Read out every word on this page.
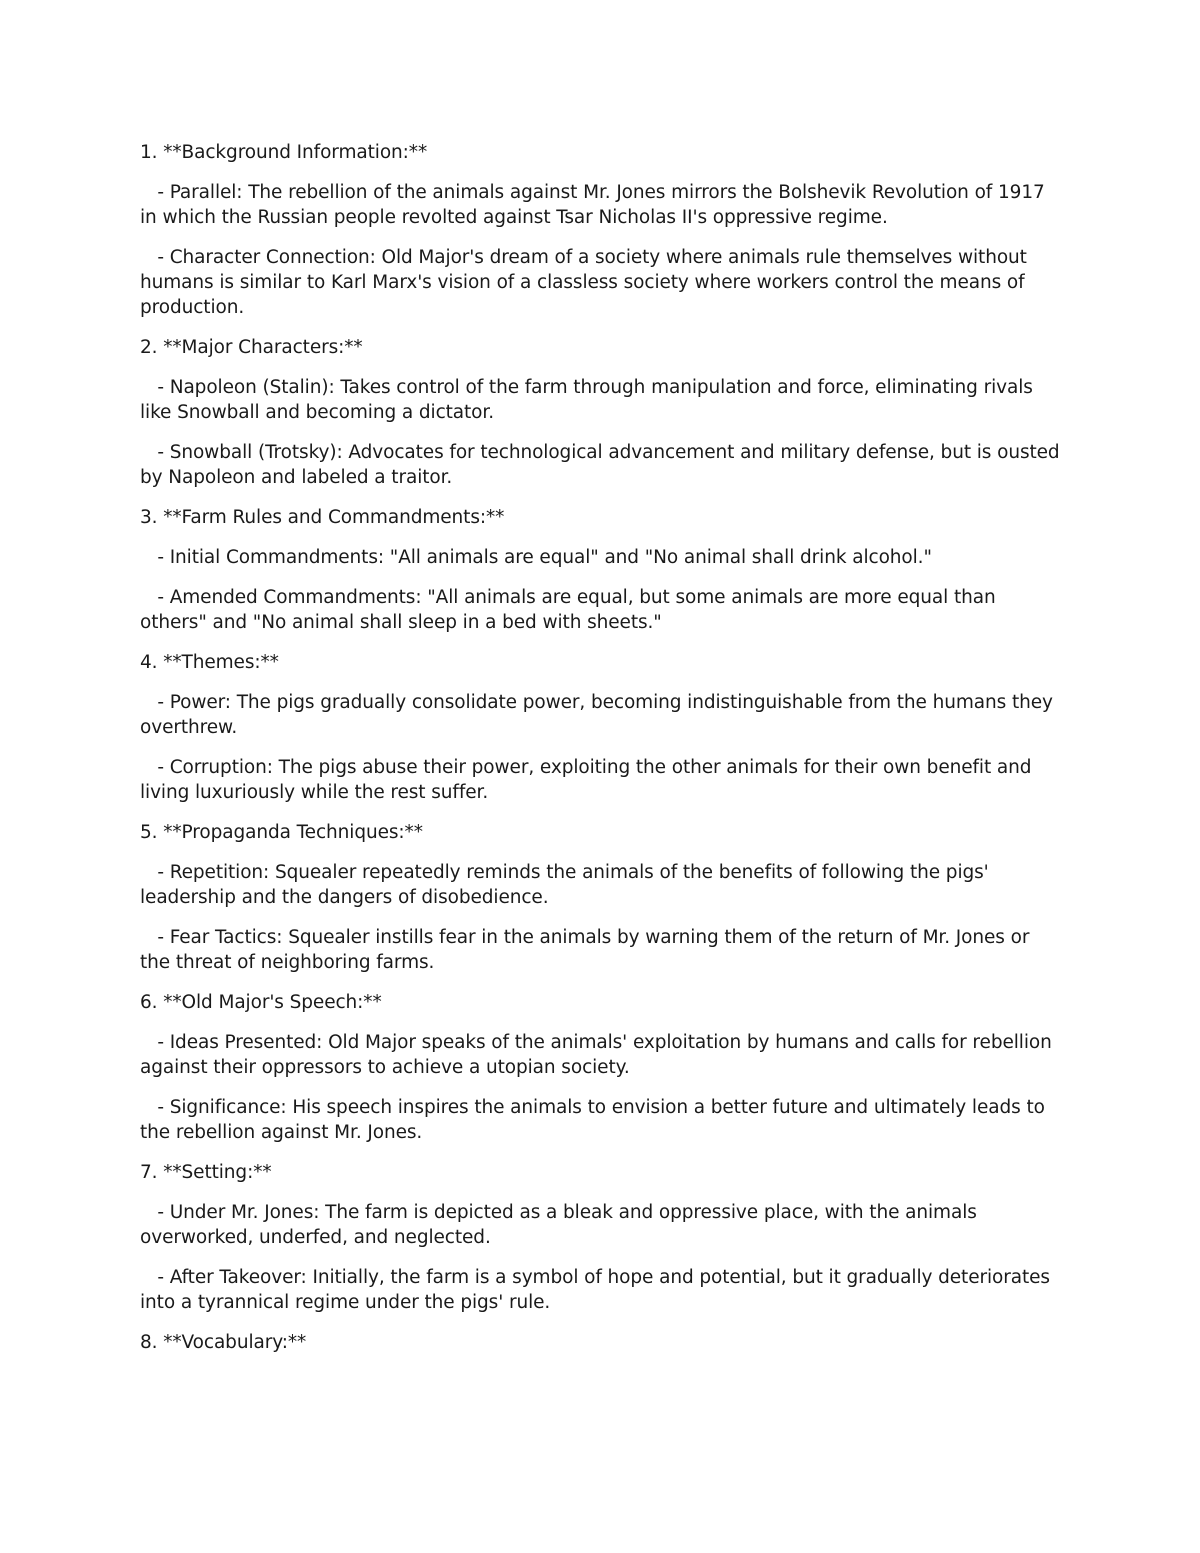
1. **Background Information:**

- Parallel: The rebellion of the animals against Mr. Jones mirrors the Bolshevik Revolution of 1917 in which the Russian people revolted against Tsar Nicholas II's oppressive regime.

- Character Connection: Old Major's dream of a society where animals rule themselves without humans is similar to Karl Marx's vision of a classless society where workers control the means of production.

2. **Major Characters:**

- Napoleon (Stalin): Takes control of the farm through manipulation and force, eliminating rivals like Snowball and becoming a dictator.

- Snowball (Trotsky): Advocates for technological advancement and military defense, but is ousted by Napoleon and labeled a traitor.

3. **Farm Rules and Commandments:**

- Initial Commandments: "All animals are equal" and "No animal shall drink alcohol."

- Amended Commandments: "All animals are equal, but some animals are more equal than others" and "No animal shall sleep in a bed with sheets."

4. **Themes:**

- Power: The pigs gradually consolidate power, becoming indistinguishable from the humans they overthrew.

- Corruption: The pigs abuse their power, exploiting the other animals for their own benefit and living luxuriously while the rest suffer.

5. **Propaganda Techniques:**

- Repetition: Squealer repeatedly reminds the animals of the benefits of following the pigs' leadership and the dangers of disobedience.

- Fear Tactics: Squealer instills fear in the animals by warning them of the return of Mr. Jones or the threat of neighboring farms.

6. **Old Major's Speech:**

- Ideas Presented: Old Major speaks of the animals' exploitation by humans and calls for rebellion against their oppressors to achieve a utopian society.

- Significance: His speech inspires the animals to envision a better future and ultimately leads to the rebellion against Mr. Jones.

7. **Setting:**

- Under Mr. Jones: The farm is depicted as a bleak and oppressive place, with the animals overworked, underfed, and neglected.

- After Takeover: Initially, the farm is a symbol of hope and potential, but it gradually deteriorates into a tyrannical regime under the pigs' rule.

8. **Vocabulary:**
